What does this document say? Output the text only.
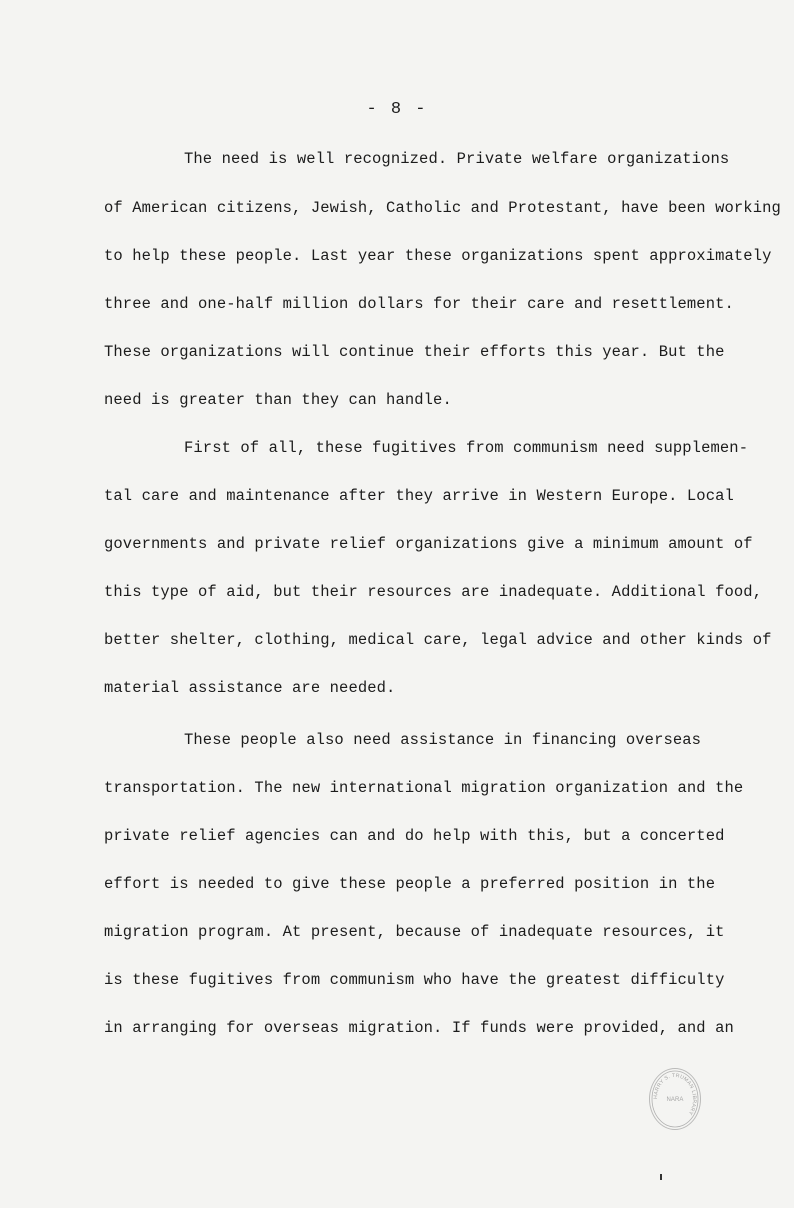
- 8 -
The need is well recognized. Private welfare organizations
of American citizens, Jewish, Catholic and Protestant, have been working
to help these people. Last year these organizations spent approximately
three and one-half million dollars for their care and resettlement.
These organizations will continue their efforts this year. But the
need is greater than they can handle.
First of all, these fugitives from communism need supplemen-
tal care and maintenance after they arrive in Western Europe. Local
governments and private relief organizations give a minimum amount of
this type of aid, but their resources are inadequate. Additional food,
better shelter, clothing, medical care, legal advice and other kinds of
material assistance are needed.
These people also need assistance in financing overseas
transportation. The new international migration organization and the
private relief agencies can and do help with this, but a concerted
effort is needed to give these people a preferred position in the
migration program. At present, because of inadequate resources, it
is these fugitives from communism who have the greatest difficulty
in arranging for overseas migration. If funds were provided, and an
HARRY S. TRUMAN LIBRARY
NARA
